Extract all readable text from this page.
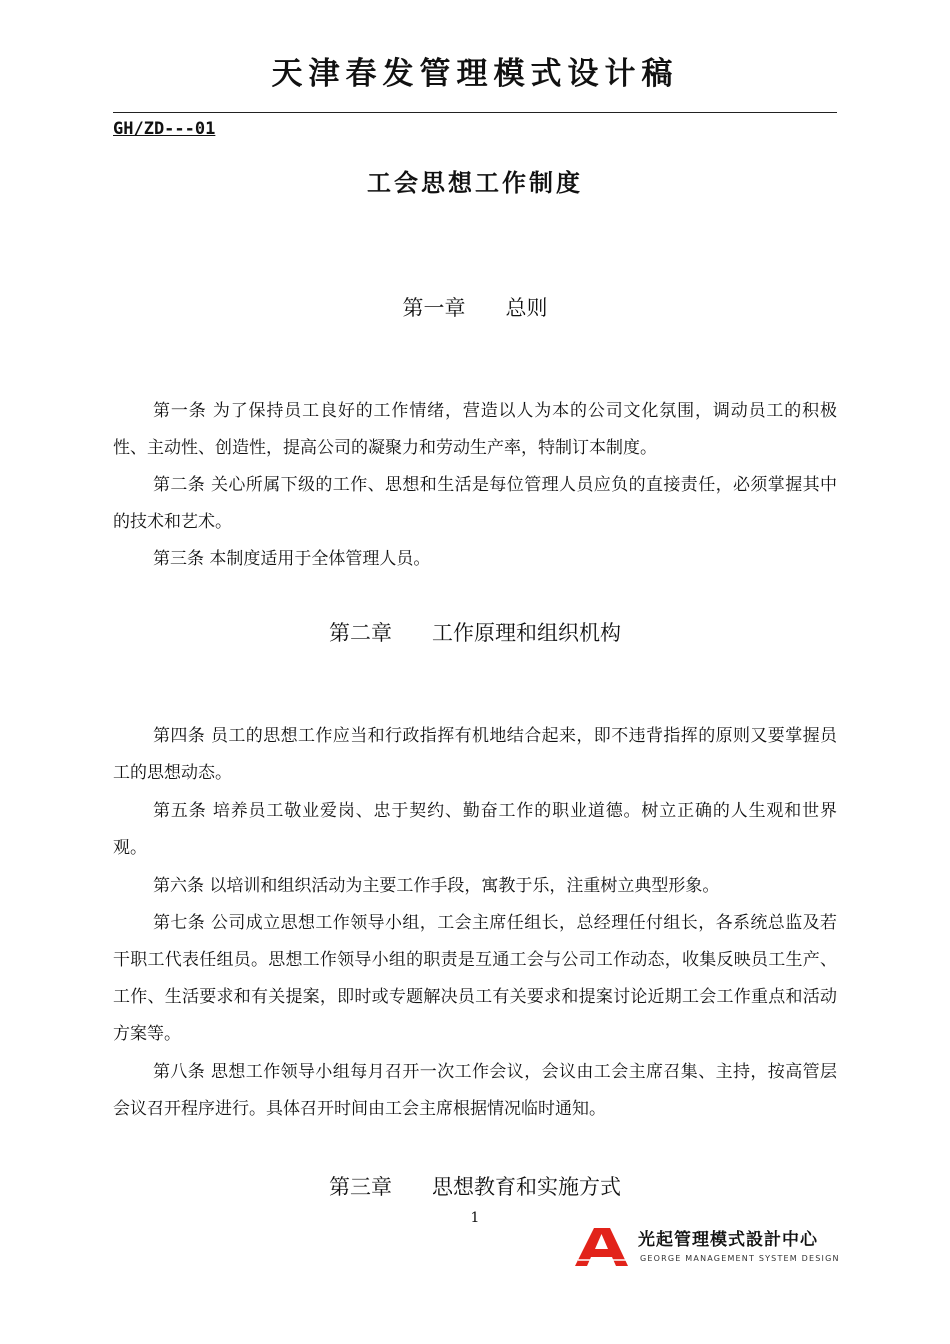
天津春发管理模式设计稿
GH/ZD---01
工会思想工作制度
第一章      总则

第一条 为了保持员工良好的工作情绪，营造以人为本的公司文化氛围，调动员工的积极性、主动性、创造性，提高公司的凝聚力和劳动生产率，特制订本制度。

第二条 关心所属下级的工作、思想和生活是每位管理人员应负的直接责任，必须掌握其中的技术和艺术。

第三条 本制度适用于全体管理人员。

第二章      工作原理和组织机构

第四条 员工的思想工作应当和行政指挥有机地结合起来，即不违背指挥的原则又要掌握员工的思想动态。

第五条 培养员工敬业爱岗、忠于契约、勤奋工作的职业道德。树立正确的人生观和世界观。

第六条 以培训和组织活动为主要工作手段，寓教于乐，注重树立典型形象。

第七条 公司成立思想工作领导小组，工会主席任组长，总经理任付组长，各系统总监及若干职工代表任组员。思想工作领导小组的职责是互通工会与公司工作动态，收集反映员工生产、工作、生活要求和有关提案，即时或专题解决员工有关要求和提案讨论近期工会工作重点和活动方案等。

第八条 思想工作领导小组每月召开一次工作会议，会议由工会主席召集、主持，按高管层会议召开程序进行。具体召开时间由工会主席根据情况临时通知。

第三章      思想教育和实施方式
1
光起管理模式設計中心
GEORGE MANAGEMENT SYSTEM DESIGN
